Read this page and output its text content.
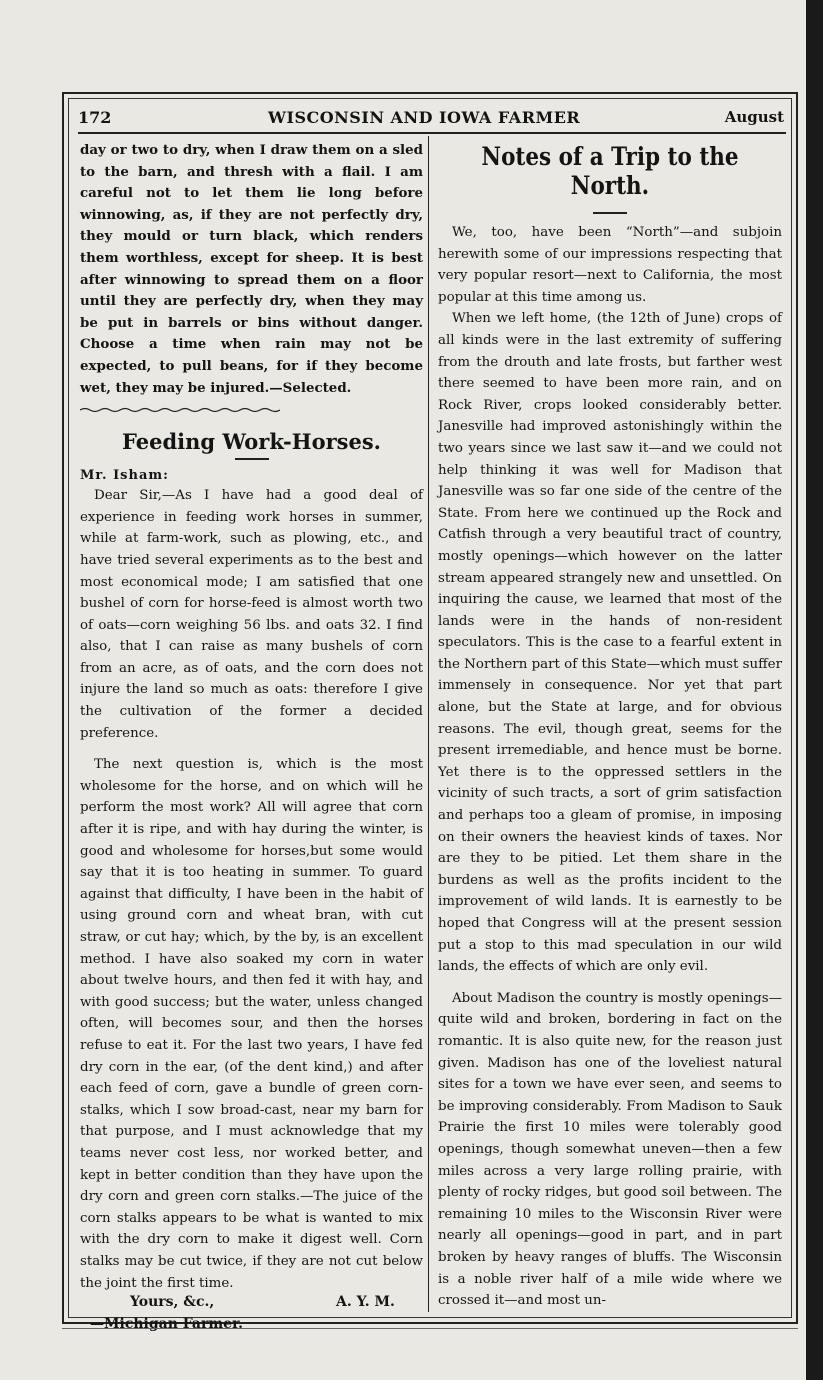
172	WISCONSIN AND IOWA FARMER	August

day or two to dry, when I draw them on a sled to the barn, and thresh with a flail. I am careful not to let them lie long before winnowing, as, if they are not perfectly dry, they mould or turn black, which renders them worthless, except for sheep. It is best after winnowing to spread them on a floor until they are perfectly dry, when they may be put in barrels or bins without danger. Choose a time when rain may not be expected, to pull beans, for if they become wet, they may be injured.—Selected.

Feeding Work-Horses.
Mr. Isham:

Dear Sir,—As I have had a good deal of experience in feeding work horses in summer, while at farm-work, such as plowing, etc., and have tried several experiments as to the best and most economical mode; I am satisfied that one bushel of corn for horse-feed is almost worth two of oats—corn weighing 56 lbs. and oats 32. I find also, that I can raise as many bushels of corn from an acre, as of oats, and the corn does not injure the land so much as oats: therefore I give the cultivation of the former a decided preference.

The next question is, which is the most wholesome for the horse, and on which will he perform the most work? All will agree that corn after it is ripe, and with hay during the winter, is good and wholesome for horses,but some would say that it is too heating in summer. To guard against that difficulty, I have been in the habit of using ground corn and wheat bran, with cut straw, or cut hay; which, by the by, is an excellent method. I have also soaked my corn in water about twelve hours, and then fed it with hay, and with good success; but the water, unless changed often, will becomes sour, and then the horses refuse to eat it. For the last two years, I have fed dry corn in the ear, (of the dent kind,) and after each feed of corn, gave a bundle of green corn-stalks, which I sow broad-cast, near my barn for that purpose, and I must acknowledge that my teams never cost less, nor worked better, and kept in better condition than they have upon the dry corn and green corn stalks.—The juice of the corn stalks appears to be what is wanted to mix with the dry corn to make it digest well. Corn stalks may be cut twice, if they are not cut below the joint the first time.

Yours, &c.,	A. Y. M.
—Michigan Farmer.
Notes of a Trip to the North.

We, too, have been “North”—and subjoin herewith some of our impressions respecting that very popular resort—next to California, the most popular at this time among us.

When we left home, (the 12th of June) crops of all kinds were in the last extremity of suffering from the drouth and late frosts, but farther west there seemed to have been more rain, and on Rock River, crops looked considerably better. Janesville had improved astonishingly within the two years since we last saw it—and we could not help thinking it was well for Madison that Janesville was so far one side of the centre of the State. From here we continued up the Rock and Catfish through a very beautiful tract of country, mostly openings—which however on the latter stream appeared strangely new and unsettled. On inquiring the cause, we learned that most of the lands were in the hands of non-resident speculators. This is the case to a fearful extent in the Northern part of this State—which must suffer immensely in consequence. Nor yet that part alone, but the State at large, and for obvious reasons. The evil, though great, seems for the present irremediable, and hence must be borne. Yet there is to the oppressed settlers in the vicinity of such tracts, a sort of grim satisfaction and perhaps too a gleam of promise, in imposing on their owners the heaviest kinds of taxes. Nor are they to be pitied. Let them share in the burdens as well as the profits incident to the improvement of wild lands. It is earnestly to be hoped that Congress will at the present session put a stop to this mad speculation in our wild lands, the effects of which are only evil.

About Madison the country is mostly openings—quite wild and broken, bordering in fact on the romantic. It is also quite new, for the reason just given. Madison has one of the loveliest natural sites for a town we have ever seen, and seems to be improving considerably. From Madison to Sauk Prairie the first 10 miles were tolerably good openings, though somewhat uneven—then a few miles across a very large rolling prairie, with plenty of rocky ridges, but good soil between. The remaining 10 miles to the Wisconsin River were nearly all openings—good in part, and in part broken by heavy ranges of bluffs. The Wisconsin is a noble river half of a mile wide where we crossed it—and most un-
